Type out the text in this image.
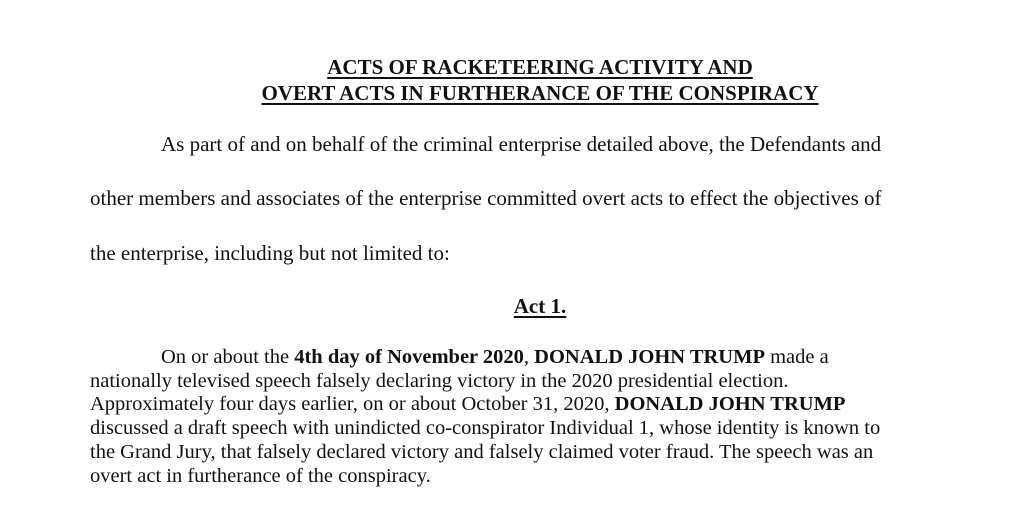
ACTS OF RACKETEERING ACTIVITY AND
OVERT ACTS IN FURTHERANCE OF THE CONSPIRACY
As part of and on behalf of the criminal enterprise detailed above, the Defendants and
other members and associates of the enterprise committed overt acts to effect the objectives of
the enterprise, including but not limited to:
Act 1.
On or about the 4th day of November 2020, DONALD JOHN TRUMP made a
nationally televised speech falsely declaring victory in the 2020 presidential election.
Approximately four days earlier, on or about October 31, 2020, DONALD JOHN TRUMP
discussed a draft speech with unindicted co-conspirator Individual 1, whose identity is known to
the Grand Jury, that falsely declared victory and falsely claimed voter fraud. The speech was an
overt act in furtherance of the conspiracy.
